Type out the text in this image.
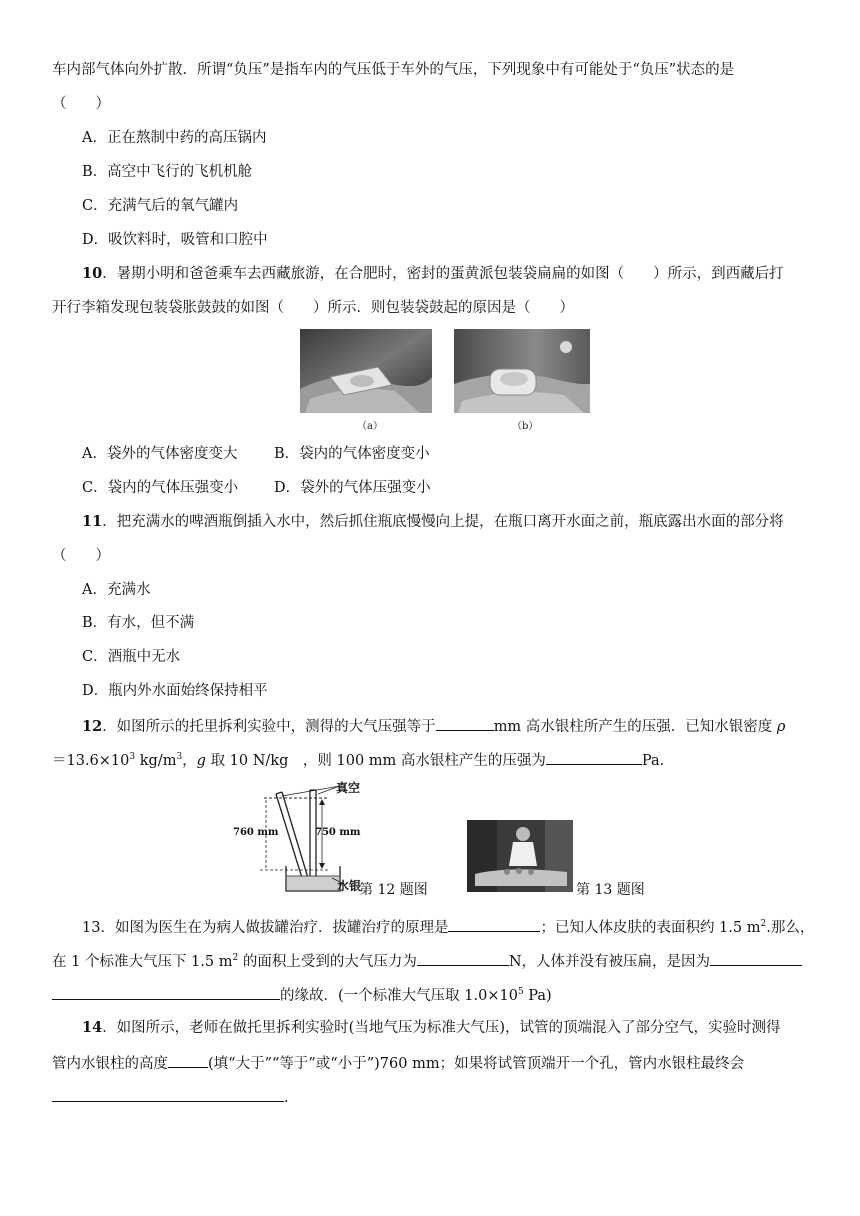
车内部气体向外扩散．所谓“负压”是指车内的气压低于车外的气压，下列现象中有可能处于“负压”状态的是
（　　）
A．正在熬制中药的高压锅内
B．高空中飞行的飞机机舱
C．充满气后的氧气罐内
D．吸饮料时，吸管和口腔中
10．暑期小明和爸爸乘车去西藏旅游，在合肥时，密封的蛋黄派包装袋扁扁的如图（　　）所示，到西藏后打
开行李箱发现包装袋胀鼓鼓的如图（　　）所示．则包装袋鼓起的原因是（　　）
（a）	（b）
A．袋外的气体密度变大	B．袋内的气体密度变小
C．袋内的气体压强变小 D．袋外的气体压强变小
11．把充满水的啤酒瓶倒插入水中，然后抓住瓶底慢慢向上提，在瓶口离开水面之前，瓶底露出水面的部分将
（　　）
A．充满水
B．有水，但不满
C．酒瓶中无水
D．瓶内外水面始终保持相平
12．如图所示的托里拆利实验中，测得的大气压强等于	mm 高水银柱所产生的压强．已知水银密度 ρ
$=13.6\times 10^3$ $kg/m^3$，g 取 10 N/kg　，则 100 mm 高水银柱产生的压强为	Pa.
真空
760 mm	750 mm
水银
第 12 题图	第 13 题图
13．如图为医生在为病人做拔罐治疗．拔罐治疗的原理是	；已知人体皮肤的表面积约 1.5 $m^2$.那么，
在 1 个标准大气压下 1.5 $m^2$ 的面积上受到的大气压力为	N，人体并没有被压扁，是因为
的缘故．(一个标准大气压取 $1.0\times 10^5$ Pa)
14．如图所示，老师在做托里拆利实验时(当地气压为标准大气压)，试管的顶端混入了部分空气，实验时测得
管内水银柱的高度	(填“大于”“等于”或“小于”)760 mm；如果将试管顶端开一个孔，管内水银柱最终会
.
